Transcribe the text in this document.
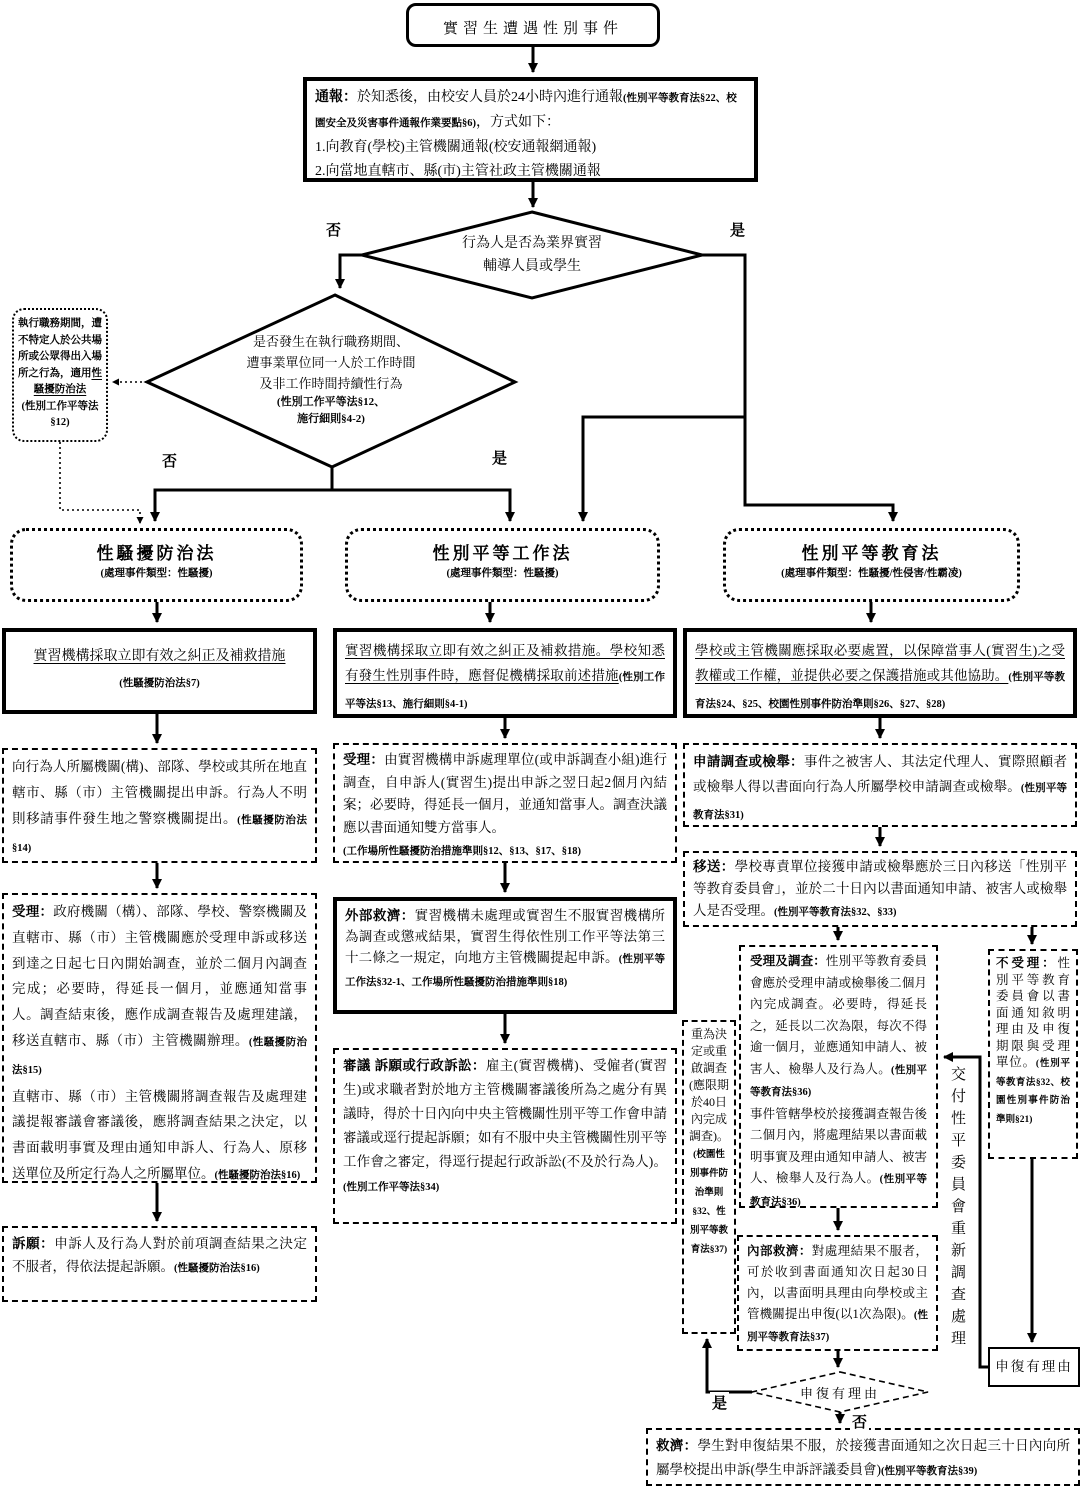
實習生遭遇性別事件
通報：於知悉後，由校安人員於24小時內進行通報(性別平等教育法§22、校園安全及災害事件通報作業要點§6)，方式如下：
1.向教育(學校)主管機關通報(校安通報網通報)
2.向當地直轄市、縣(市)主管社政主管機關通報
行為人是否為業界實習
輔導人員或學生
否	是
是否發生在執行職務期間、
遭事業單位同一人於工作時間
及非工作時間持續性行為
(性別工作平等法§12、
施行細則§4-2)
否	是
執行職務期間，遭不特定人於公共場所或公眾得出入場所之行為，適用性騷擾防治法
(性別工作平等法§12)
性騷擾防治法
(處理事件類型：性騷擾)
性別平等工作法
(處理事件類型：性騷擾)
性別平等教育法
(處理事件類型：性騷擾/性侵害/性霸凌)
實習機構採取立即有效之糾正及補救措施
(性騷擾防治法§7)
向行為人所屬機關(構)、部隊、學校或其所在地直轄市、縣（市）主管機關提出申訴。行為人不明則移請事件發生地之警察機關提出。(性騷擾防治法§14)
受理：政府機關（構）、部隊、學校、警察機關及直轄市、縣（市）主管機關應於受理申訴或移送到達之日起七日內開始調查，並於二個月內調查完成；必要時，得延長一個月，並應通知當事人。調查結束後，應作成調查報告及處理建議，移送直轄市、縣（市）主管機關辦理。(性騷擾防治法§15)
直轄市、縣（市）主管機關將調查報告及處理建議提報審議會審議後，應將調查結果之決定，以書面載明事實及理由通知申訴人、行為人、原移送單位及所定行為人之所屬單位。(性騷擾防治法§16)
訴願：申訴人及行為人對於前項調查結果之決定不服者，得依法提起訴願。(性騷擾防治法§16)
實習機構採取立即有效之糾正及補救措施。學校知悉有發生性別事件時，應督促機構採取前述措施(性別工作平等法§13、施行細則§4-1)
受理：由實習機構申訴處理單位(或申訴調查小組)進行調查，自申訴人(實習生)提出申訴之翌日起2個月內結案；必要時，得延長一個月，並通知當事人。調查決議應以書面通知雙方當事人。
(工作場所性騷擾防治措施準則§12、§13、§17、§18)
外部救濟：實習機構未處理或實習生不服實習機構所為調查或懲戒結果，實習生得依性別工作平等法第三十二條之一規定，向地方主管機關提起申訴。(性別平等工作法§32-1、工作場所性騷擾防治措施準則§18)
審議 訴願或行政訴訟：雇主(實習機構)、受僱者(實習生)或求職者對於地方主管機關審議後所為之處分有異議時，得於十日內向中央主管機關性別平等工作會申請審議或逕行提起訴願；如有不服中央主管機關性別平等工作會之審定，得逕行提起行政訴訟(不及於行為人)。(性別工作平等法§34)
學校或主管機關應採取必要處置，以保障當事人(實習生)之受教權或工作權，並提供必要之保護措施或其他協助。(性別平等教育法§24、§25、校園性別事件防治準則§26、§27、§28)
申請調查或檢舉：事件之被害人、其法定代理人、實際照顧者或檢舉人得以書面向行為人所屬學校申請調查或檢舉。(性別平等教育法§31)
移送：學校專責單位接獲申請或檢舉應於三日內移送「性別平等教育委員會」，並於二十日內以書面通知申請、被害人或檢舉人是否受理。(性別平等教育法§32、§33)
受理及調查：性別平等教育委員會應於受理申請或檢舉後二個月內完成調查。必要時，得延長之，延長以二次為限，每次不得逾一個月，並應通知申請人、被害人、檢舉人及行為人。(性別平等教育法§36)
事件管轄學校於接獲調查報告後二個月內，將處理結果以書面載明事實及理由通知申請人、被害人、檢舉人及行為人。(性別平等教育法§36)
不受理：性別平等教育委員會以書面通知敘明理由及申復期限與受理單位。(性別平等教育法§32、校園性別事件防治準則§21)
重為決定或重啟調查(應限期於40日內完成調查)。(校園性別事件防治準則§32、性別平等教育法§37)	內部救濟：對處理結果不服者，可於收到書面通知次日起30日內，以書面明具理由向學校或主管機關提出申復(以1次為限)。(性別平等教育法§37)	交付性平委員會重新調查處理
申復有理由
申復有理由
是
否
救濟：學生對申復結果不服，於接獲書面通知之次日起三十日內向所屬學校提出申訴(學生申訴評議委員會)(性別平等教育法§39)
